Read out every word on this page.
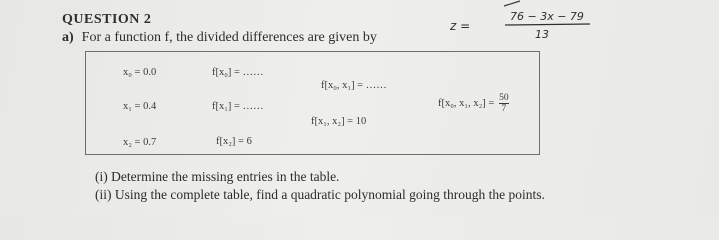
QUESTION 2
a) For a function f, the divided differences are given by
z =
76 − 3x − 79
13
x₀ = 0.0
x₁ = 0.4
x₂ = 0.7
f[x₀] = ……
f[x₁] = ……
f[x₂] = 6
f[x₀, x₁] = ……
f[x₁, x₂] = 10
f[x₀, x₁, $x_2] = \frac{50}{7}$
(i) Determine the missing entries in the table.
(ii) Using the complete table, find a quadratic polynomial going through the points.
